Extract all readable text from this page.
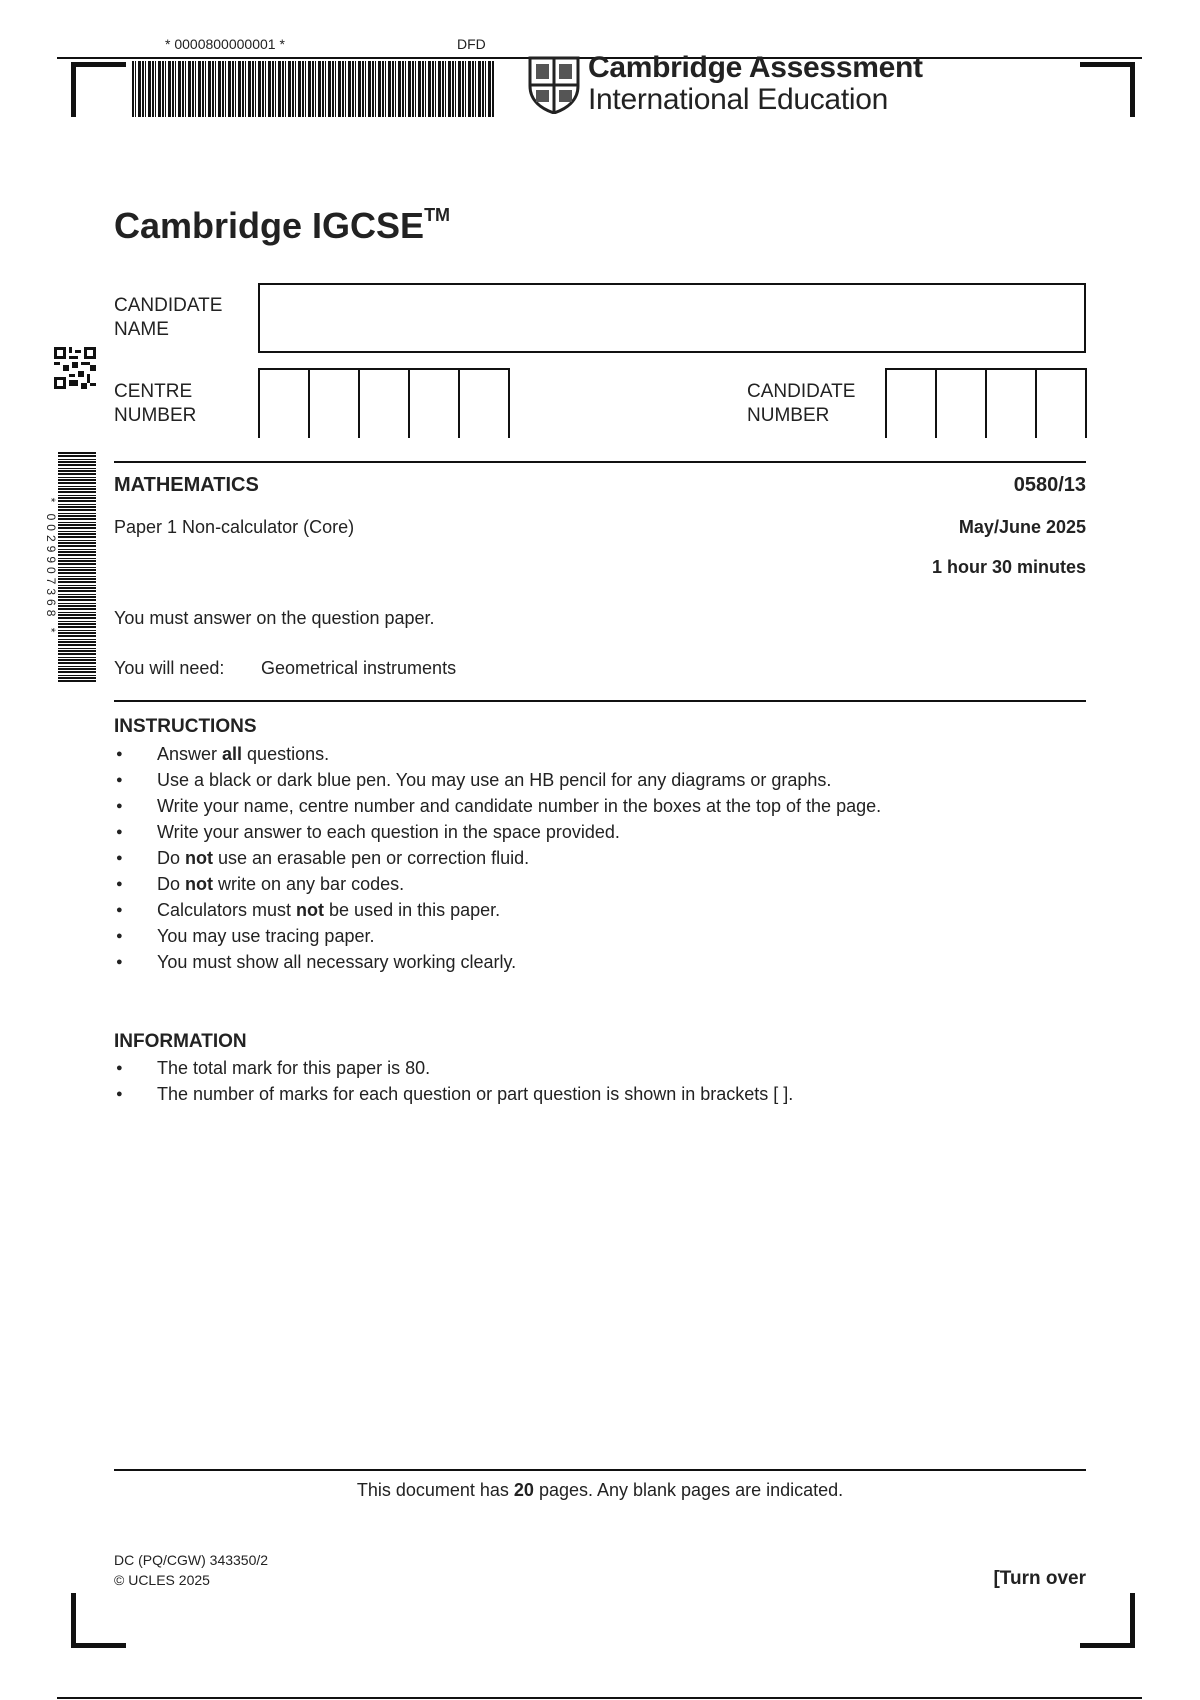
* 0000800000001 *	DFD
Cambridge Assessment
International Education
* 0029907368 *
Cambridge IGCSE™
CANDIDATE
NAME
CENTRE
NUMBER
CANDIDATE
NUMBER
MATHEMATICS	0580/13
Paper 1 Non-calculator (Core)	May/June 2025
1 hour 30 minutes
You must answer on the question paper.
You will need: Geometrical instruments
INSTRUCTIONS
● Answer all questions.
● Use a black or dark blue pen. You may use an HB pencil for any diagrams or graphs.
● Write your name, centre number and candidate number in the boxes at the top of the page.
● Write your answer to each question in the space provided.
● Do not use an erasable pen or correction fluid.
● Do not write on any bar codes.
● Calculators must not be used in this paper.
● You may use tracing paper.
● You must show all necessary working clearly.
INFORMATION
● The total mark for this paper is 80.
● The number of marks for each question or part question is shown in brackets [ ].
This document has 20 pages. Any blank pages are indicated.
DC (PQ/CGW) 343350/2
© UCLES 2025	[Turn over
